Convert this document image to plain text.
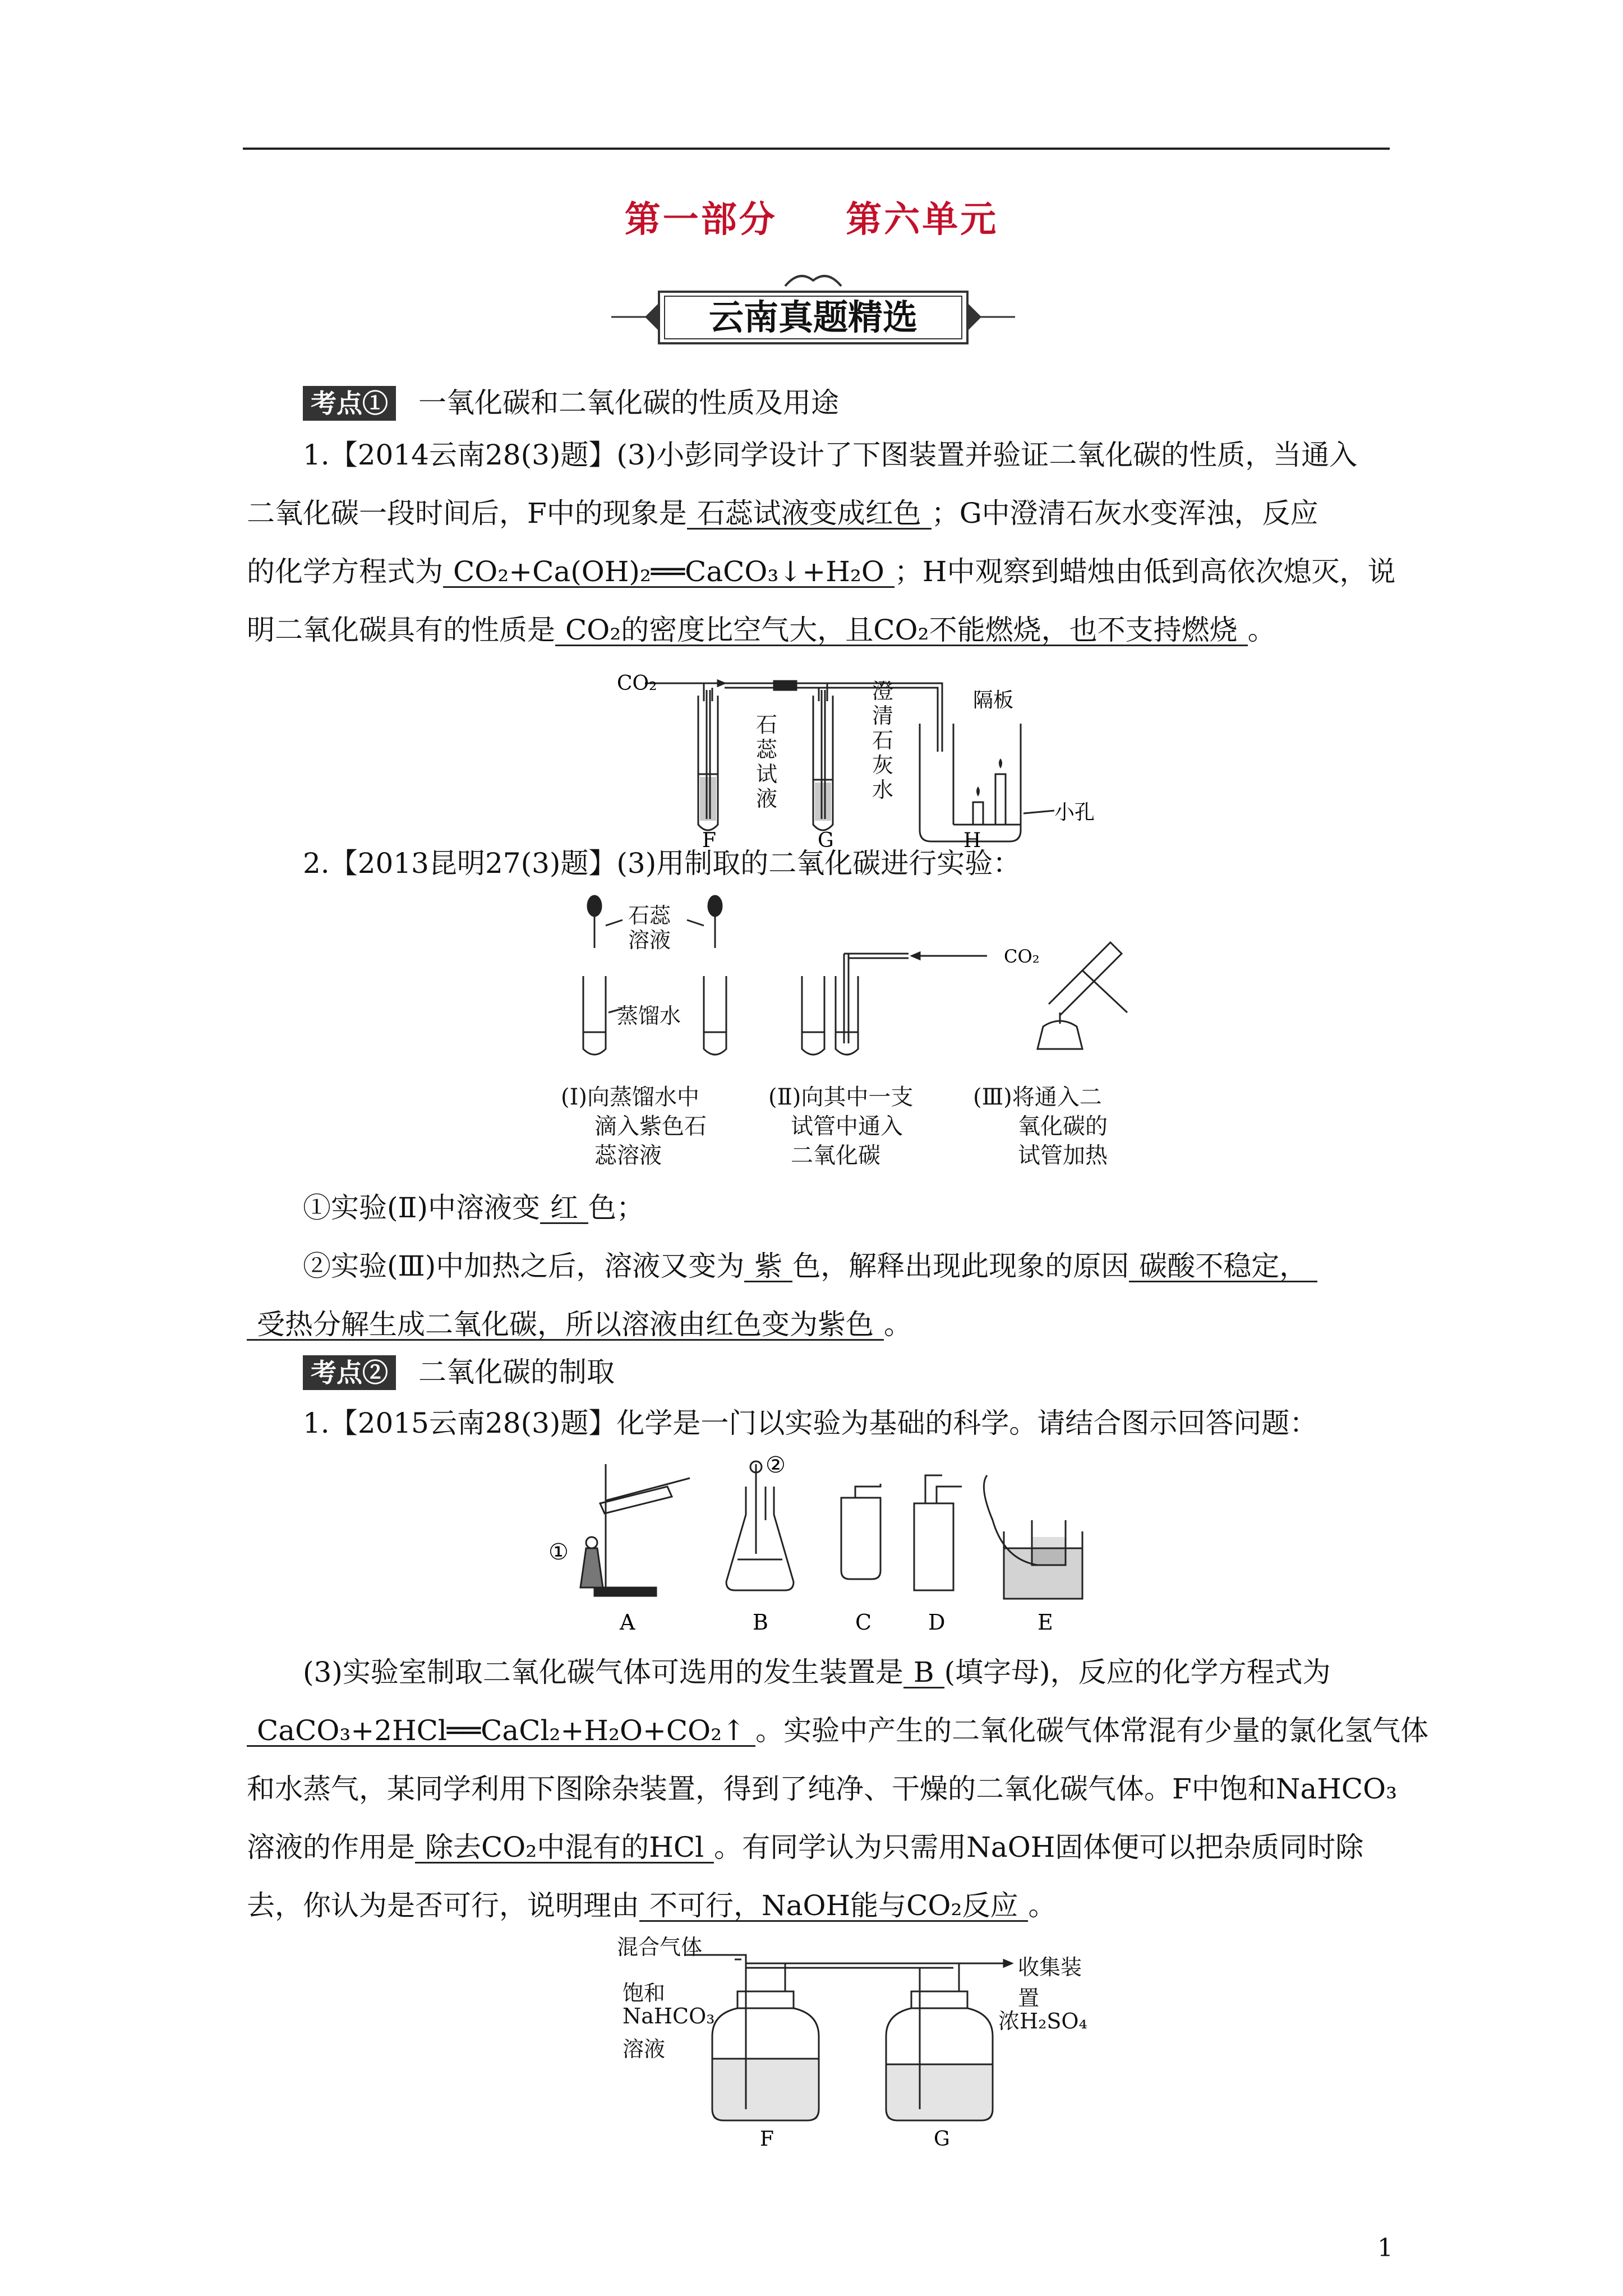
第一部分 第六单元
云南真题精选
考点① 一氧化碳和二氧化碳的性质及用途
1.【2014云南28(3)题】(3)小彭同学设计了下图装置并验证二氧化碳的性质，当通入
二氧化碳一段时间后，F中的现象是 石蕊试液变成红色 ；G中澄清石灰水变浑浊，反应
的化学方程式为 CO₂+Ca(OH)₂══CaCO₃↓+H₂O ；H中观察到蜡烛由低到高依次熄灭，说
明二氧化碳具有的性质是 CO₂的密度比空气大，且CO₂不能燃烧，也不支持燃烧 。
CO₂
隔板
小孔
F	G	H
石蕊试液
澄清石灰水
2.【2013昆明27(3)题】(3)用制取的二氧化碳进行实验：
CO₂
石蕊溶液
蒸馏水
(Ⅰ)向蒸馏水中
滴入紫色石
蕊溶液
(Ⅱ)向其中一支
试管中通入
二氧化碳
(Ⅲ)将通入二
氧化碳的
试管加热
①实验(Ⅱ)中溶液变 红 色；
②实验(Ⅲ)中加热之后，溶液又变为 紫 色，解释出现此现象的原因 碳酸不稳定，
受热分解生成二氧化碳，所以溶液由红色变为紫色 。
考点② 二氧化碳的制取
1.【2015云南28(3)题】化学是一门以实验为基础的科学。请结合图示回答问题：
①
②
A	B	C	D	E
(3)实验室制取二氧化碳气体可选用的发生装置是 B (填字母)，反应的化学方程式为
CaCO₃+2HCl══CaCl₂+H₂O+CO₂↑ 。实验中产生的二氧化碳气体常混有少量的氯化氢气体
和水蒸气，某同学利用下图除杂装置，得到了纯净、干燥的二氧化碳气体。F中饱和NaHCO₃
溶液的作用是 除去CO₂中混有的HCl 。有同学认为只需用NaOH固体便可以把杂质同时除
去，你认为是否可行，说明理由 不可行，NaOH能与CO₂反应 。
F	G
混合气体
收集装置
饱和
NaHCO₃
溶液
浓H₂SO₄
1
